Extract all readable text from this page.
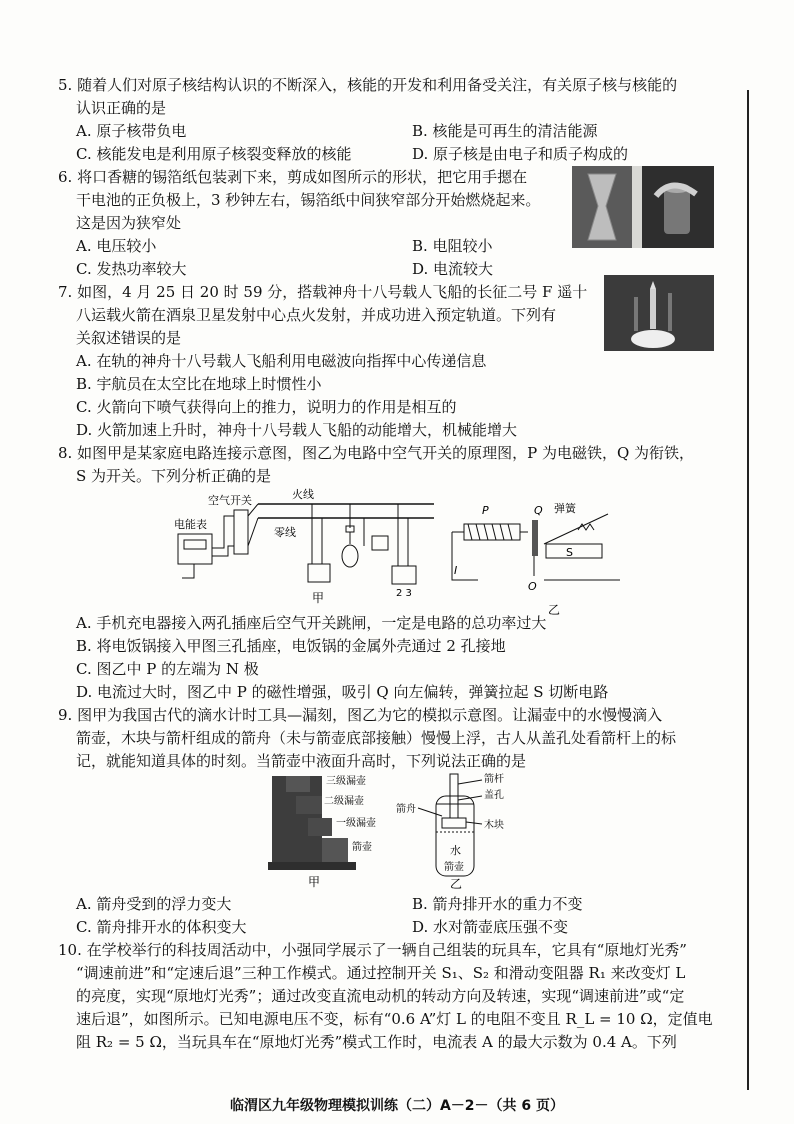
5. 随着人们对原子核结构认识的不断深入，核能的开发和利用备受关注，有关原子核与核能的
认识正确的是
A. 原子核带负电	B. 核能是可再生的清洁能源
C. 核能发电是利用原子核裂变释放的核能	D. 原子核是由电子和质子构成的
6. 将口香糖的锡箔纸包装剥下来，剪成如图所示的形状，把它用手摁在
干电池的正负极上，3 秒钟左右，锡箔纸中间狭窄部分开始燃烧起来。
这是因为狭窄处
A. 电压较小	B. 电阻较小
C. 发热功率较大	D. 电流较大
7. 如图，4 月 25 日 20 时 59 分，搭载神舟十八号载人飞船的长征二号 F 遥十
八运载火箭在酒泉卫星发射中心点火发射，并成功进入预定轨道。下列有
关叙述错误的是
A. 在轨的神舟十八号载人飞船利用电磁波向指挥中心传递信息
B. 宇航员在太空比在地球上时惯性小
C. 火箭向下喷气获得向上的推力，说明力的作用是相互的
D. 火箭加速上升时，神舟十八号载人飞船的动能增大，机械能增大
8. 如图甲是某家庭电路连接示意图，图乙为电路中空气开关的原理图，P 为电磁铁，Q 为衔铁，
S 为开关。下列分析正确的是
火线
电能表
空气开关
零线
2 3
甲
P	Q 弹簧
I
O
S
乙
A. 手机充电器接入两孔插座后空气开关跳闸，一定是电路的总功率过大
B. 将电饭锅接入甲图三孔插座，电饭锅的金属外壳通过 2 孔接地
C. 图乙中 P 的左端为 N 极
D. 电流过大时，图乙中 P 的磁性增强，吸引 Q 向左偏转，弹簧拉起 S 切断电路
9. 图甲为我国古代的滴水计时工具—漏刻，图乙为它的模拟示意图。让漏壶中的水慢慢滴入
箭壶，木块与箭杆组成的箭舟（未与箭壶底部接触）慢慢上浮，古人从盖孔处看箭杆上的标
记，就能知道具体的时刻。当箭壶中液面升高时，下列说法正确的是
三级漏壶
二级漏壶
一级漏壶
箭壶
甲
箭杆
盖孔
箭舟
木块
水
箭壶
乙
A. 箭舟受到的浮力变大	B. 箭舟排开水的重力不变
C. 箭舟排开水的体积变大	D. 水对箭壶底压强不变
10. 在学校举行的科技周活动中，小强同学展示了一辆自己组装的玩具车，它具有“原地灯光秀”
“调速前进”和“定速后退”三种工作模式。通过控制开关 S₁、S₂ 和滑动变阻器 R₁ 来改变灯 L
的亮度，实现“原地灯光秀”；通过改变直流电动机的转动方向及转速，实现“调速前进”或“定
速后退”，如图所示。已知电源电压不变，标有“0.6 A”灯 L 的电阻不变且 R_L = 10 Ω，定值电
阻 R₂ = 5 Ω，当玩具车在“原地灯光秀”模式工作时，电流表 A 的最大示数为 0.4 A。下列
临渭区九年级物理模拟训练（二）A－2－（共 6 页）
